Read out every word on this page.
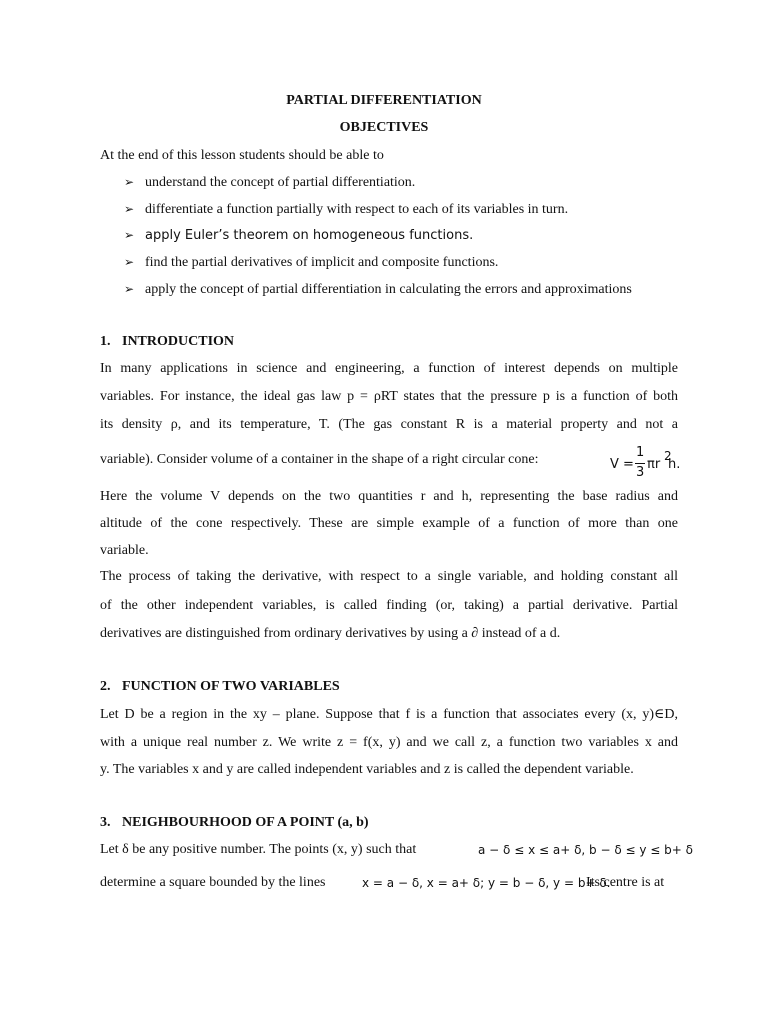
PARTIAL DIFFERENTIATION
OBJECTIVES
At the end of this lesson students should be able to
➢ understand the concept of partial differentiation.
➢ differentiate a function partially with respect to each of its variables in turn.
➢ apply Euler’s theorem on homogeneous functions.
➢ find the partial derivatives of implicit and composite functions.
➢ apply the concept of partial differentiation in calculating the errors and approximations
1. INTRODUCTION
In many applications in science and engineering, a function of interest depends on multiple
variables. For instance, the ideal gas law p = ρRT states that the pressure p is a function of both
its density ρ, and its temperature, T. (The gas constant R is a material property and not a
variable). Consider volume of a container in the shape of a right circular cone:	V =
1
3
πr
2
h.
Here the volume V depends on the two quantities r and h, representing the base radius and
altitude of the cone respectively. These are simple example of a function of more than one
variable.
The process of taking the derivative, with respect to a single variable, and holding constant all
of the other independent variables, is called finding (or, taking) a partial derivative. Partial
derivatives are distinguished from ordinary derivatives by using a ∂ instead of a d.
2. FUNCTION OF TWO VARIABLES
Let D be a region in the xy – plane. Suppose that f is a function that associates every (x, y)∈D,
with a unique real number z. We write z = f(x, y) and we call z, a function two variables x and
y. The variables x and y are called independent variables and z is called the dependent variable.
3. NEIGHBOURHOOD OF A POINT (a, b)
Let δ be any positive number. The points (x, y) such that	a − δ ≤ x ≤ a+ δ, b − δ ≤ y ≤ b+ δ
determine a square bounded by the lines	x = a − δ, x = a+ δ; y = b − δ, y = b+ δ.
Its centre is at
